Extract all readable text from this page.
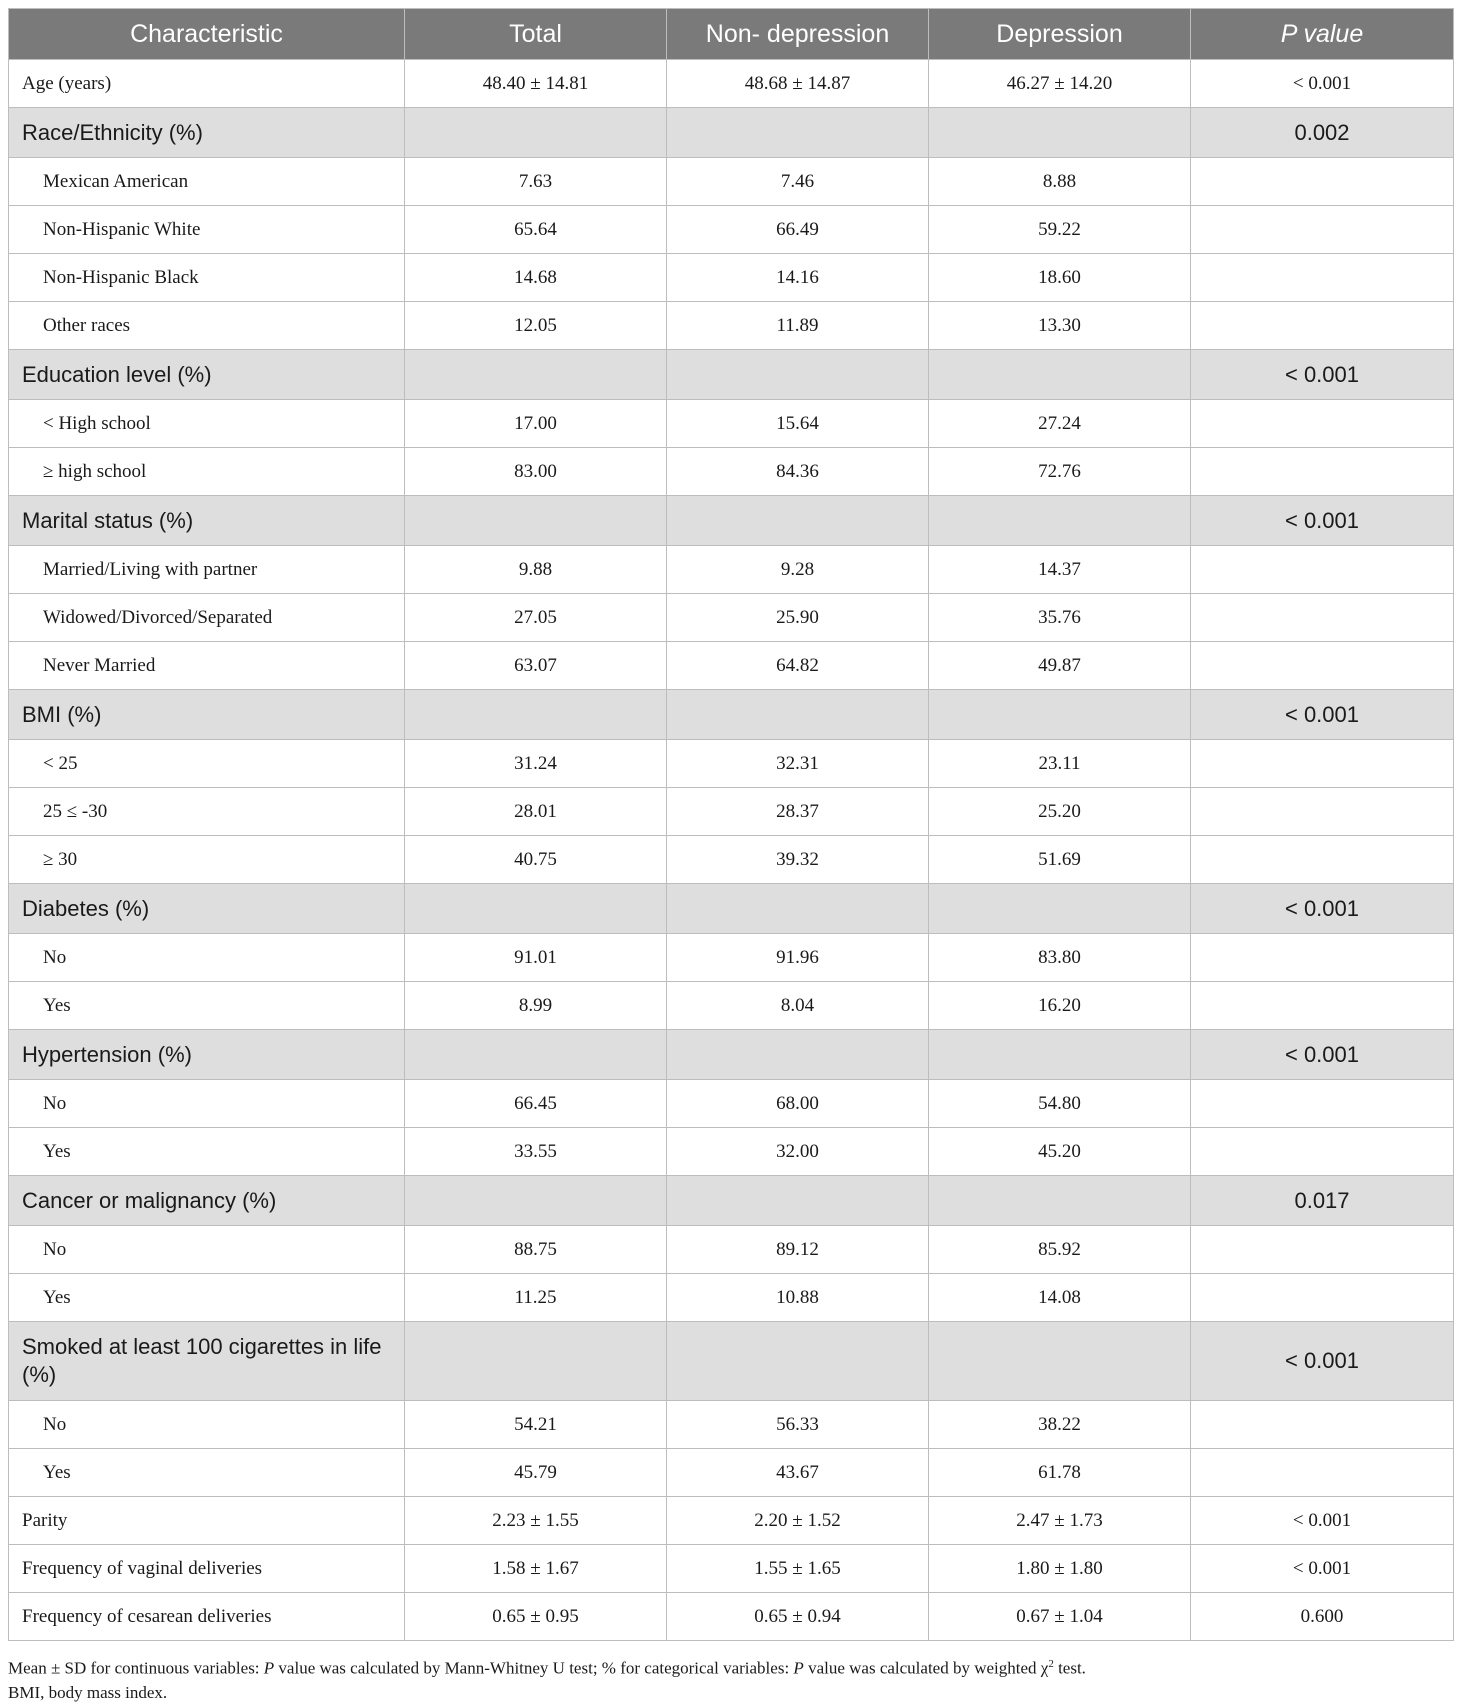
Characteristic	Total	Non- depression	Depression	P value
Age (years)	48.40 ± 14.81	48.68 ± 14.87	46.27 ± 14.20	< 0.001
Race/Ethnicity (%)				0.002
Mexican American	7.63	7.46	8.88	
Non-Hispanic White	65.64	66.49	59.22	
Non-Hispanic Black	14.68	14.16	18.60	
Other races	12.05	11.89	13.30	
Education level (%)				< 0.001
< High school	17.00	15.64	27.24	
≥ high school	83.00	84.36	72.76	
Marital status (%)				< 0.001
Married/Living with partner	9.88	9.28	14.37	
Widowed/Divorced/Separated	27.05	25.90	35.76	
Never Married	63.07	64.82	49.87	
BMI (%)				< 0.001
< 25	31.24	32.31	23.11	
25 ≤ -30	28.01	28.37	25.20	
≥ 30	40.75	39.32	51.69	
Diabetes (%)				< 0.001
No	91.01	91.96	83.80	
Yes	8.99	8.04	16.20	
Hypertension (%)				< 0.001
No	66.45	68.00	54.80	
Yes	33.55	32.00	45.20	
Cancer or malignancy (%)				0.017
No	88.75	89.12	85.92	
Yes	11.25	10.88	14.08	
Smoked at least 100 cigarettes in life (%)				< 0.001
No	54.21	56.33	38.22	
Yes	45.79	43.67	61.78	
Parity	2.23 ± 1.55	2.20 ± 1.52	2.47 ± 1.73	< 0.001
Frequency of vaginal deliveries	1.58 ± 1.67	1.55 ± 1.65	1.80 ± 1.80	< 0.001
Frequency of cesarean deliveries	0.65 ± 0.95	0.65 ± 0.94	0.67 ± 1.04	0.600

Mean ± SD for continuous variables: P value was calculated by Mann-Whitney U test; % for categorical variables: P value was calculated by weighted $\chi^2$ test.

BMI, body mass index.
